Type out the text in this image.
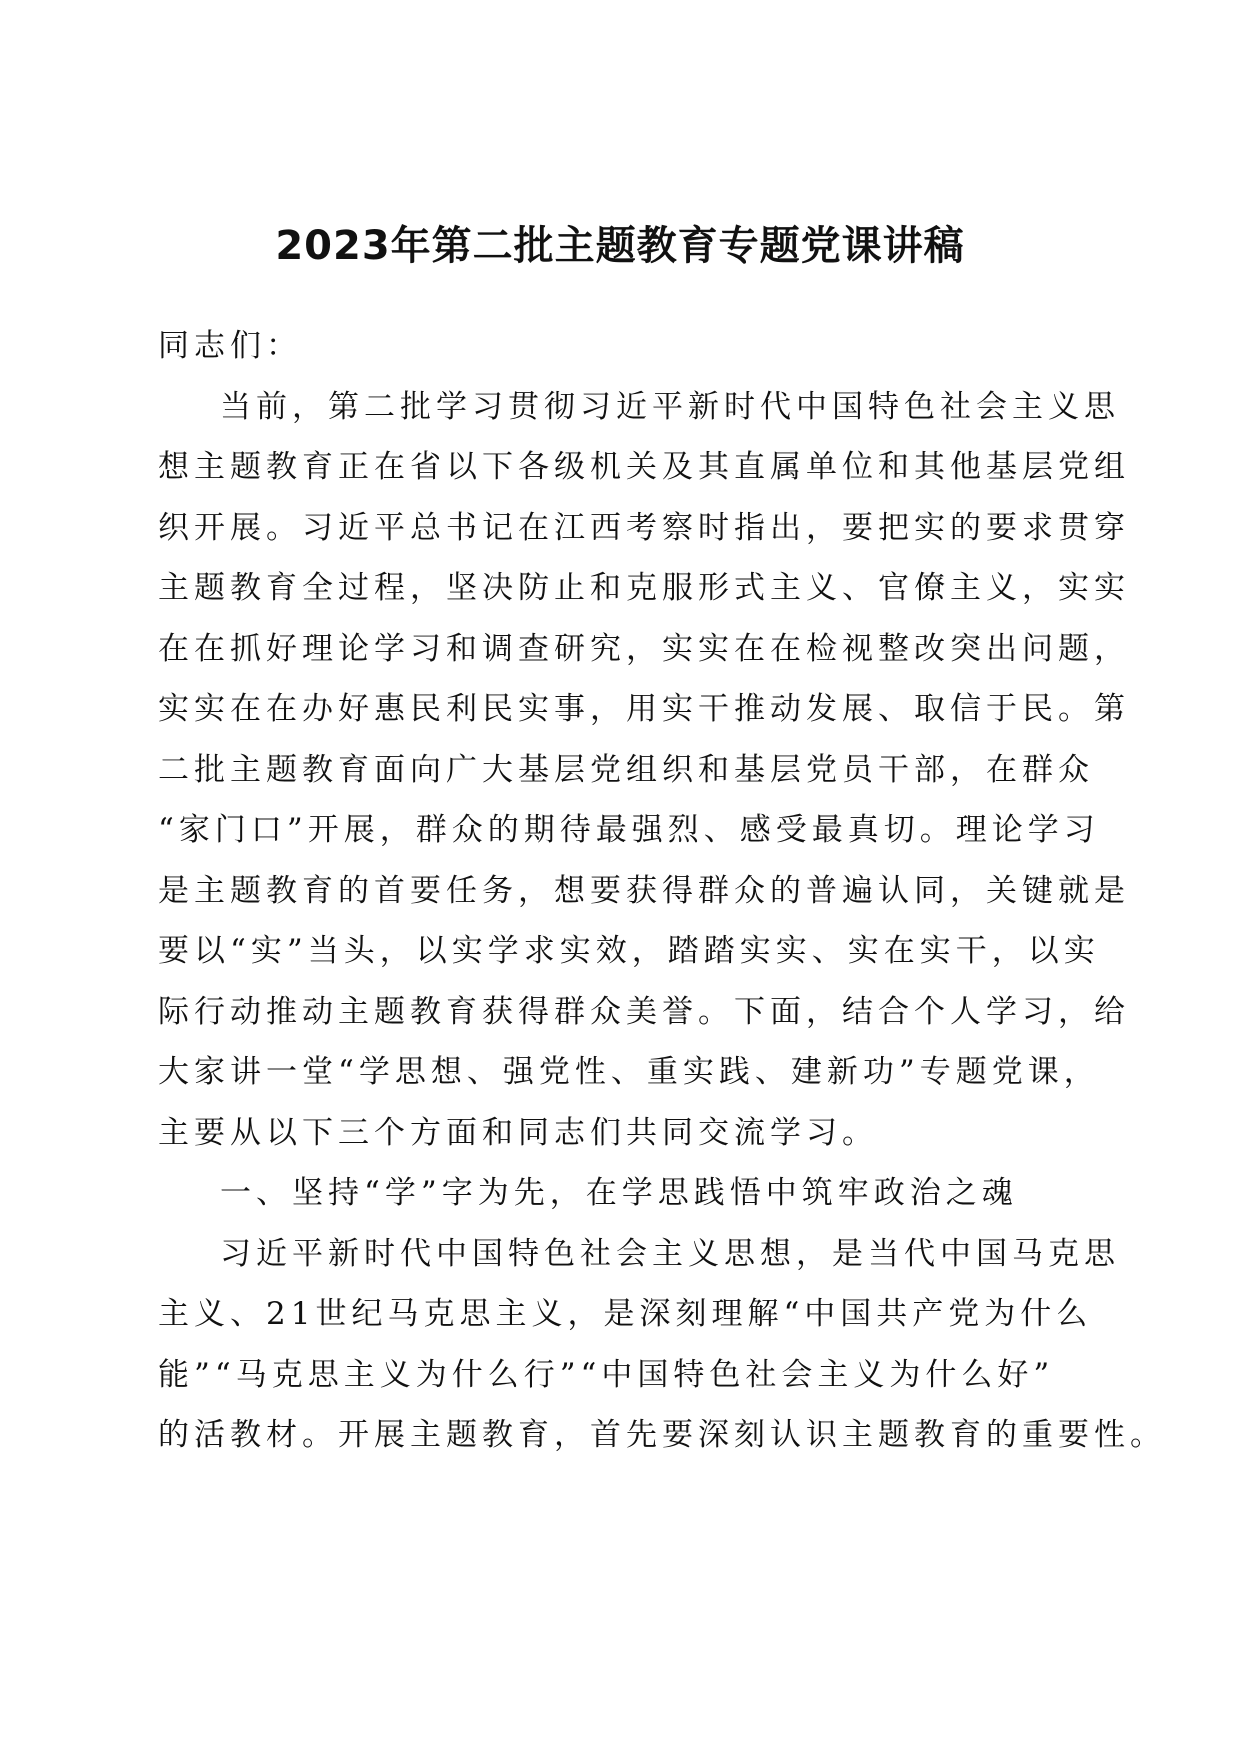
2023年第二批主题教育专题党课讲稿

同志们：

当前，第二批学习贯彻习近平新时代中国特色社会主义思
想主题教育正在省以下各级机关及其直属单位和其他基层党组
织开展。习近平总书记在江西考察时指出，要把实的要求贯穿
主题教育全过程，坚决防止和克服形式主义、官僚主义，实实
在在抓好理论学习和调查研究，实实在在检视整改突出问题，
实实在在办好惠民利民实事，用实干推动发展、取信于民。第
二批主题教育面向广大基层党组织和基层党员干部，在群众
“家门口”开展，群众的期待最强烈、感受最真切。理论学习
是主题教育的首要任务，想要获得群众的普遍认同，关键就是
要以“实”当头，以实学求实效，踏踏实实、实在实干，以实
际行动推动主题教育获得群众美誉。下面，结合个人学习，给
大家讲一堂“学思想、强党性、重实践、建新功”专题党课，
主要从以下三个方面和同志们共同交流学习。

一、坚持“学”字为先，在学思践悟中筑牢政治之魂

习近平新时代中国特色社会主义思想，是当代中国马克思
主义、21世纪马克思主义，是深刻理解“中国共产党为什么
能”“马克思主义为什么行”“中国特色社会主义为什么好”
的活教材。开展主题教育，首先要深刻认识主题教育的重要性。
